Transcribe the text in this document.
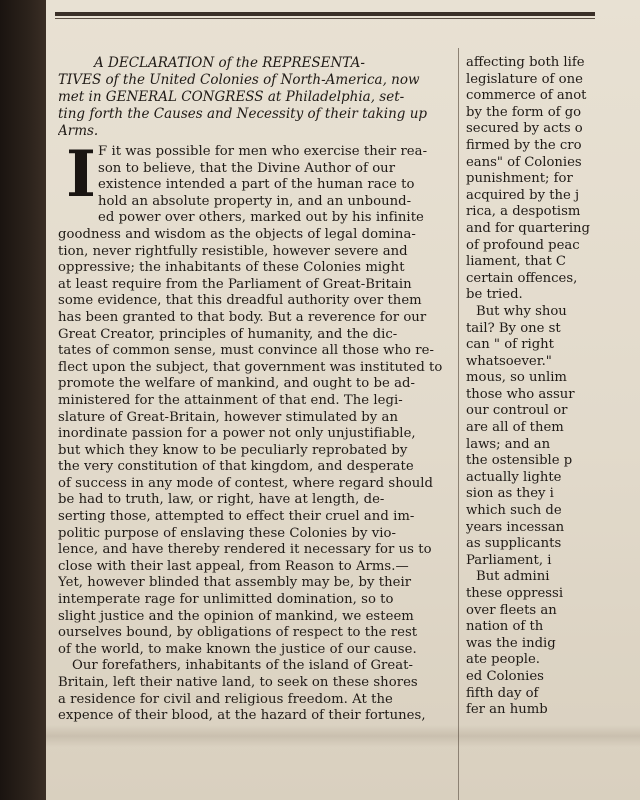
A DECLARATION of the REPRESENTA-
TIVES of the United Colonies of North-America, now
met in GENERAL CONGRESS at Philadelphia, set-
ting forth the Causes and Necessity of their taking up
Arms.
I F it was possible for men who exercise their rea-
son to believe, that the Divine Author of our
existence intended a part of the human race to
hold an absolute property in, and an unbound-
ed power over others, marked out by his infinite
goodness and wisdom as the objects of legal domina-
tion, never rightfully resistible, however severe and
oppressive; the inhabitants of these Colonies might
at least require from the Parliament of Great-Britain
some evidence, that this dreadful authority over them
has been granted to that body. But a reverence for our
Great Creator, principles of humanity, and the dic-
tates of common sense, must convince all those who re-
flect upon the subject, that government was instituted to
promote the welfare of mankind, and ought to be ad-
ministered for the attainment of that end. The legi-
slature of Great-Britain, however stimulated by an
inordinate passion for a power not only unjustifiable,
but which they know to be peculiarly reprobated by
the very constitution of that kingdom, and desperate
of success in any mode of contest, where regard should
be had to truth, law, or right, have at length, de-
serting those, attempted to effect their cruel and im-
politic purpose of enslaving these Colonies by vio-
lence, and have thereby rendered it necessary for us to
close with their last appeal, from Reason to Arms.—
Yet, however blinded that assembly may be, by their
intemperate rage for unlimitted domination, so to
slight justice and the opinion of mankind, we esteem
ourselves bound, by obligations of respect to the rest
of the world, to make known the justice of our cause.
Our forefathers, inhabitants of the island of Great-
Britain, left their native land, to seek on these shores
a residence for civil and religious freedom. At the
expence of their blood, at the hazard of their fortunes,
affecting both life
legislature of one
commerce of anot
by the form of go
secured by acts o
firmed by the cro
eans" of Colonies
punishment; for
acquired by the j
rica, a despotism
and for quartering
of profound peac
liament, that C
certain offences,
be tried.
But why shou
tail? By one st
can " of right
whatsoever."
mous, so unlim
those who assur
our controul or
are all of them
laws; and an
the ostensible p
actually lighte
sion as they i
which such de
years incessan
as supplicants
Parliament, i
But admini
these oppressi
over fleets an
nation of th
was the indig
ate people.
ed Colonies
fifth day of
fer an humb
